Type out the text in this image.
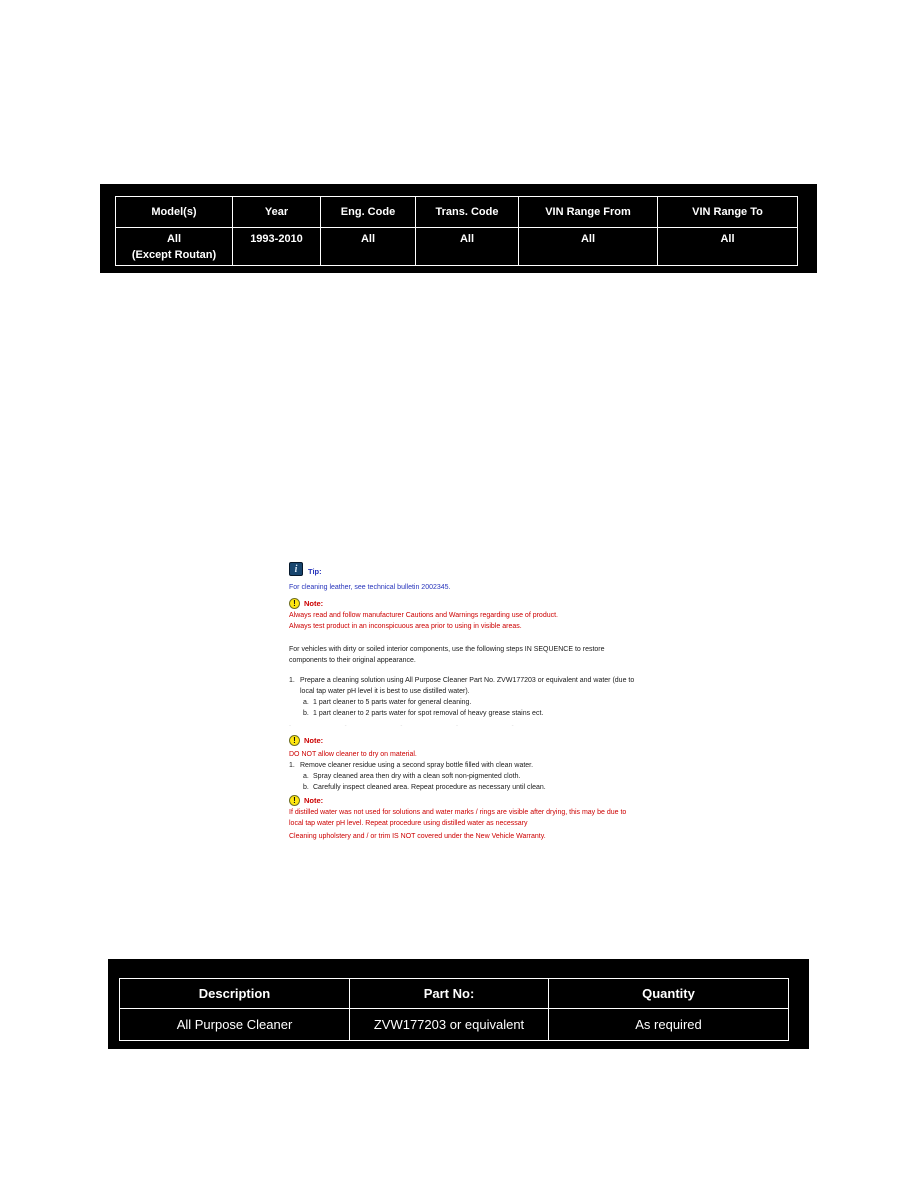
Model(s)	Year	Eng. Code	Trans. Code	VIN Range From	VIN Range To

All
(Except Routan)	1993-2010	All	All	All	All
i	Tip:
For cleaning leather, see technical bulletin 2002345.
!	Note:
Always read and follow manufacturer Cautions and Warnings regarding use of product.
Always test product in an inconspicuous area prior to using in visible areas.
For vehicles with dirty or soiled interior components, use the following steps IN SEQUENCE to restore components to their original appearance.
1. Prepare a cleaning solution using All Purpose Cleaner Part No. ZVW177203 or equivalent and water (due to local tap water pH level it is best to use distilled water).
a. 1 part cleaner to 5 parts water for general cleaning.
b. 1 part cleaner to 2 parts water for spot removal of heavy grease stains ect.
- - - - -
!	Note:
DO NOT allow cleaner to dry on material.
1. Remove cleaner residue using a second spray bottle filled with clean water.
a. Spray cleaned area then dry with a clean soft non-pigmented cloth.
b. Carefully inspect cleaned area. Repeat procedure as necessary until clean.
!	Note:
If distilled water was not used for solutions and water marks / rings are visible after drying, this may be due to local tap water pH level. Repeat procedure using distilled water as necessary
Cleaning upholstery and / or trim IS NOT covered under the New Vehicle Warranty.
Description	Part No:	Quantity
All Purpose Cleaner	ZVW177203 or equivalent	As required
